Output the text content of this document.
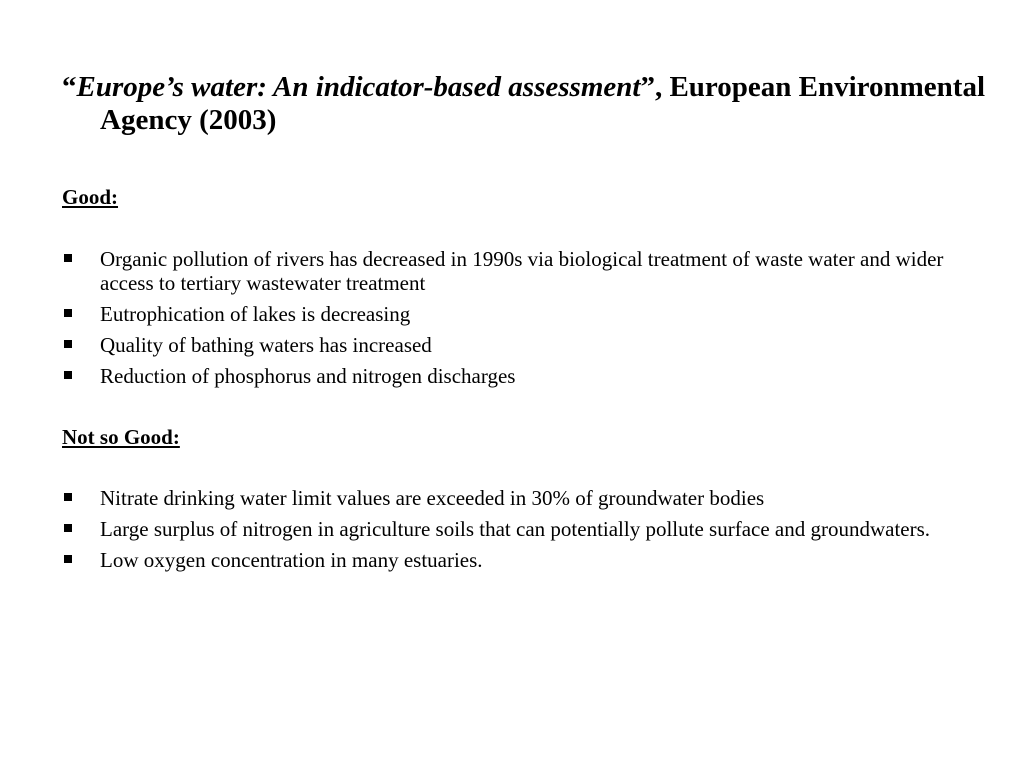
“Europe’s water: An indicator-based assessment”, European Environmental Agency (2003)

Good:

Organic pollution of rivers has decreased in 1990s via biological treatment of waste water and wider access to tertiary wastewater treatment
Eutrophication of lakes is decreasing
Quality of bathing waters has increased
Reduction of phosphorus and nitrogen discharges

Not so Good:

Nitrate drinking water limit values are exceeded in 30% of groundwater bodies
Large surplus of nitrogen in agriculture soils that can potentially pollute surface and groundwaters.
Low oxygen concentration in many estuaries.
